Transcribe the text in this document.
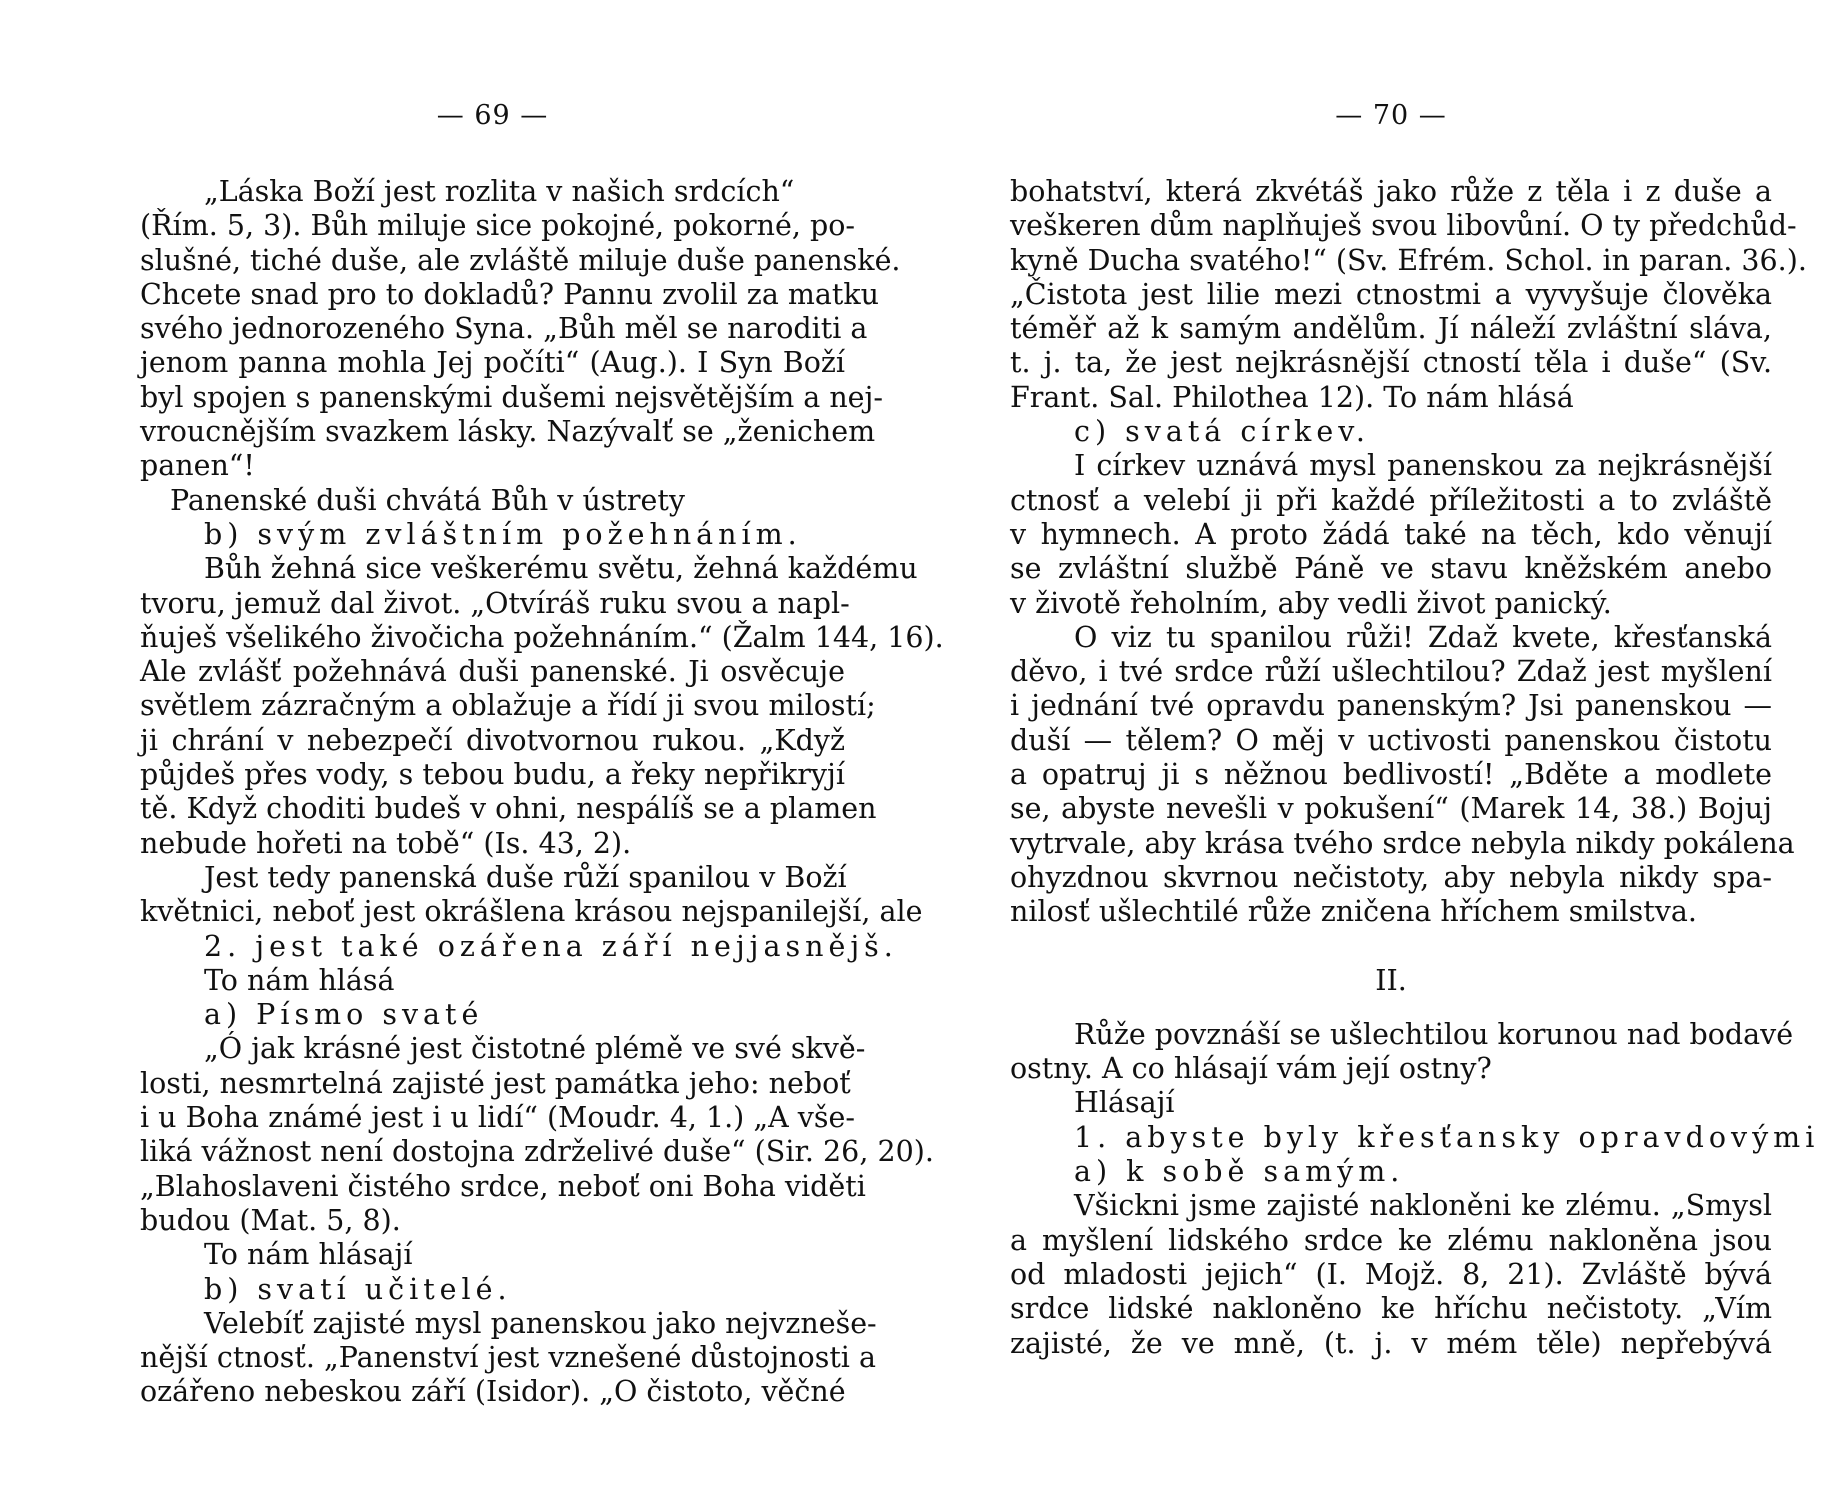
— 69 —
„Láska Boží jest rozlita v našich srdcích“
(Řím. 5, 3). Bůh miluje sice pokojné, pokorné, po-
slušné, tiché duše, ale zvláště miluje duše panenské.
Chcete snad pro to dokladů? Pannu zvolil za matku
svého jednorozeného Syna. „Bůh měl se naroditi a
jenom panna mohla Jej počíti“ (Aug.). I Syn Boží
byl spojen s panenskými dušemi nejsvětějším a nej-
vroucnějším svazkem lásky. Nazývalť se „ženichem
panen“!
Panenské duši chvátá Bůh v ústrety
b) svým zvláštním požehnáním.
Bůh žehná sice veškerému světu, žehná každému
tvoru, jemuž dal život. „Otvíráš ruku svou a napl-
ňuješ všelikého živočicha požehnáním.“ (Žalm 144, 16).
Ale zvlášť požehnává duši panenské. Ji osvěcuje
světlem zázračným a oblažuje a řídí ji svou milostí;
ji chrání v nebezpečí divotvornou rukou. „Když
půjdeš přes vody, s tebou budu, a řeky nepřikryjí
tě. Když choditi budeš v ohni, nespálíš se a plamen
nebude hořeti na tobě“ (Is. 43, 2).
Jest tedy panenská duše růží spanilou v Boží
květnici, neboť jest okrášlena krásou nejspanilejší, ale
2. jest také ozářena září nejjasnějš.
To nám hlásá
a) Písmo svaté
„Ó jak krásné jest čistotné plémě ve své skvě-
losti, nesmrtelná zajisté jest památka jeho: neboť
i u Boha známé jest i u lidí“ (Moudr. 4, 1.) „A vše-
liká vážnost není dostojna zdrželivé duše“ (Sir. 26, 20).
„Blahoslaveni čistého srdce, neboť oni Boha viděti
budou (Mat. 5, 8).
To nám hlásají
b) svatí učitelé.
Velebíť zajisté mysl panenskou jako nejvzneše-
nější ctnosť. „Panenství jest vznešené důstojnosti a
ozářeno nebeskou září (Isidor). „O čistoto, věčné
— 70 —
bohatství, která zkvétáš jako růže z těla i z duše a
veškeren dům naplňuješ svou libovůní. O ty předchůd-
kyně Ducha svatého!“ (Sv. Efrém. Schol. in paran. 36.).
„Čistota jest lilie mezi ctnostmi a vyvyšuje člověka
téměř až k samým andělům. Jí náleží zvláštní sláva,
t. j. ta, že jest nejkrásnější ctností těla i duše“ (Sv.
Frant. Sal. Philothea 12). To nám hlásá
c) svatá církev.
I církev uznává mysl panenskou za nejkrásnější
ctnosť a velebí ji při každé příležitosti a to zvláště
v hymnech. A proto žádá také na těch, kdo věnují
se zvláštní službě Páně ve stavu kněžském anebo
v životě řeholním, aby vedli život panický.
O viz tu spanilou růži! Zdaž kvete, křesťanská
děvo, i tvé srdce růží ušlechtilou? Zdaž jest myšlení
i jednání tvé opravdu panenským? Jsi panenskou —
duší — tělem? O měj v uctivosti panenskou čistotu
a opatruj ji s něžnou bedlivostí! „Bděte a modlete
se, abyste nevešli v pokušení“ (Marek 14, 38.) Bojuj
vytrvale, aby krása tvého srdce nebyla nikdy pokálena
ohyzdnou skvrnou nečistoty, aby nebyla nikdy spa-
nilosť ušlechtilé růže zničena hříchem smilstva.
II.
Růže povznáší se ušlechtilou korunou nad bodavé
ostny. A co hlásají vám její ostny?
Hlásají
1. abyste byly křesťansky opravdovými
a) k sobě samým.
Všickni jsme zajisté nakloněni ke zlému. „Smysl
a myšlení lidského srdce ke zlému nakloněna jsou
od mladosti jejich“ (I. Mojž. 8, 21). Zvláště bývá
srdce lidské nakloněno ke hříchu nečistoty. „Vím
zajisté, že ve mně, (t. j. v mém těle) nepřebývá
